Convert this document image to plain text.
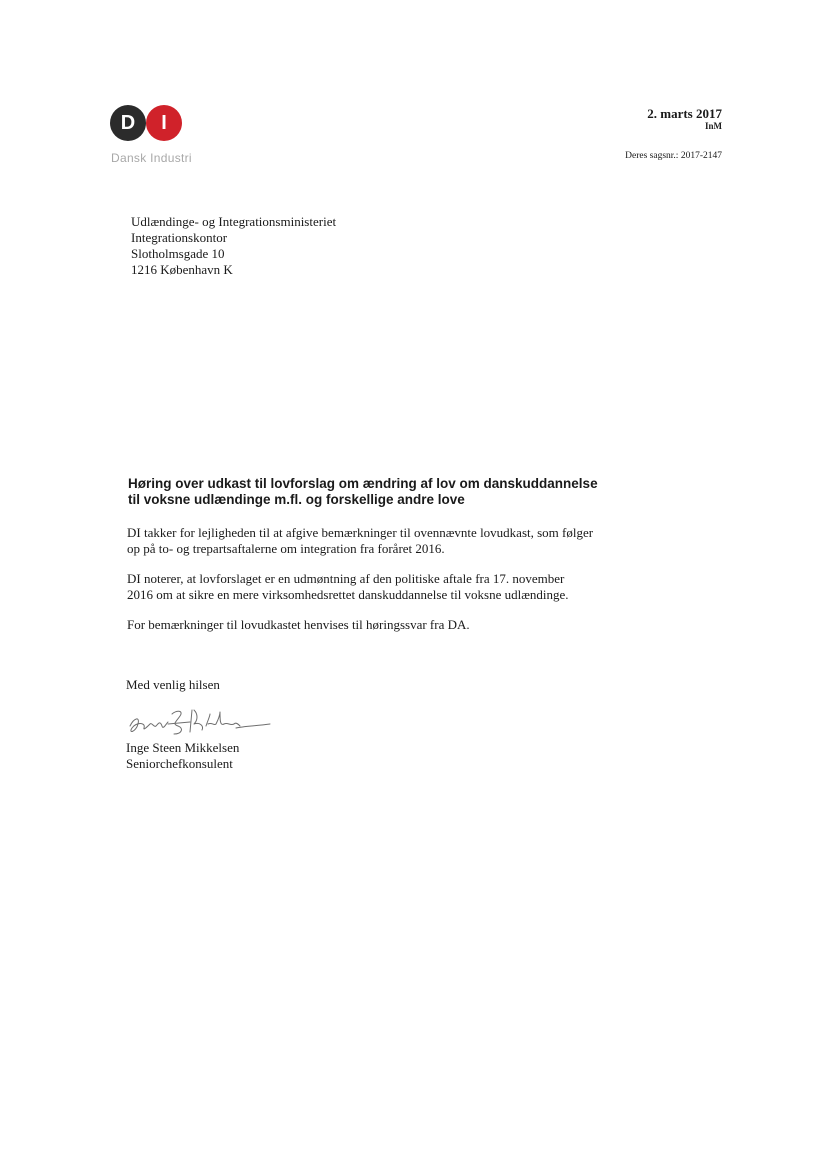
D	I
Dansk Industri
2. marts 2017
InM
Deres sagsnr.: 2017-2147
Udlændinge- og Integrationsministeriet
Integrationskontor
Slotholmsgade 10
1216 København K
Høring over udkast til lovforslag om ændring af lov om danskuddannelse
til voksne udlændinge m.fl. og forskellige andre love
DI takker for lejligheden til at afgive bemærkninger til ovennævnte lovudkast, som følger
op på to- og trepartsaftalerne om integration fra foråret 2016.
DI noterer, at lovforslaget er en udmøntning af den politiske aftale fra 17. november
2016 om at sikre en mere virksomhedsrettet danskuddannelse til voksne udlændinge.
For bemærkninger til lovudkastet henvises til høringssvar fra DA.
Med venlig hilsen
Inge Steen Mikkelsen
Seniorchefkonsulent
